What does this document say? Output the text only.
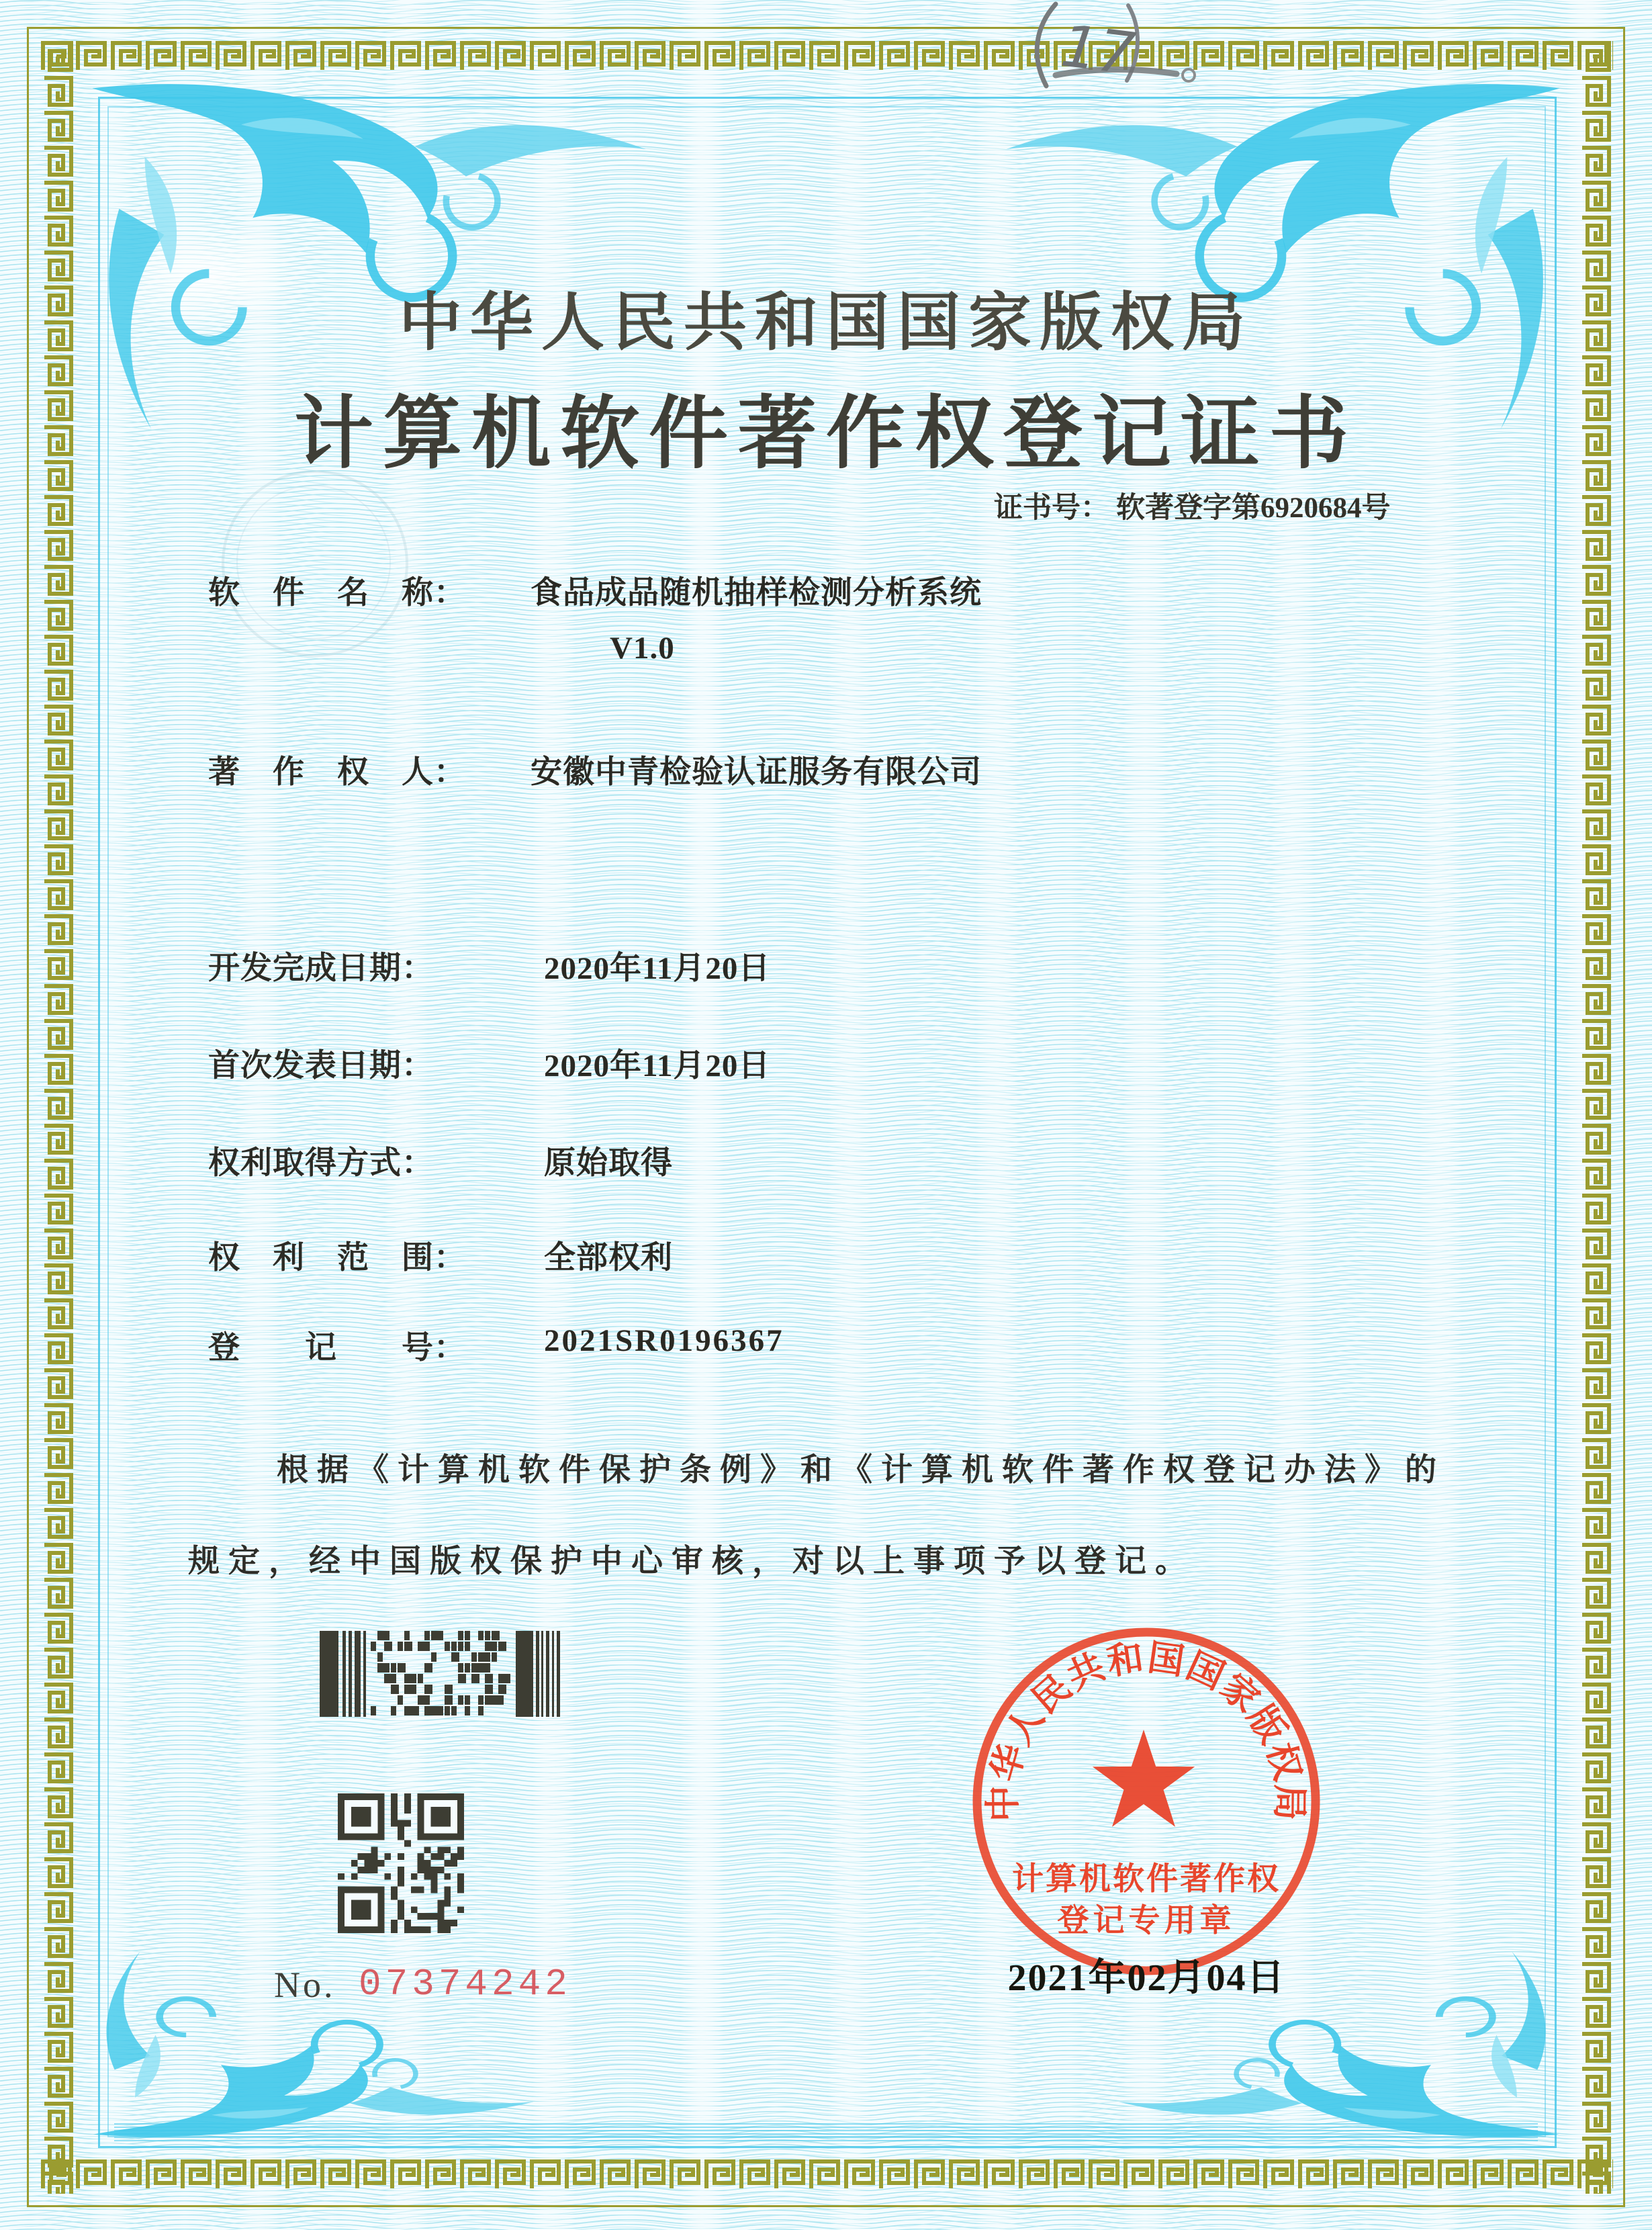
17
中华人民共和国国家版权局
计算机软件著作权登记证书
证书号： 软著登字第6920684号
软　件　名　称： 食品成品随机抽样检测分析系统
V1.0
著　作　权　人： 安徽中青检验认证服务有限公司
开发完成日期：	2020年11月20日
首次发表日期：	2020年11月20日
权利取得方式：	原始取得
权　利　范　围： 全部权利
登　　记　　号： 2021SR0196367
根据《计算机软件保护条例》和《计算机软件著作权登记办法》的
规定，经中国版权保护中心审核，对以上事项予以登记。
No. 07374242
中华人民共和国国家版权局
计算机软件著作权
登记专用章
2021年02月04日
